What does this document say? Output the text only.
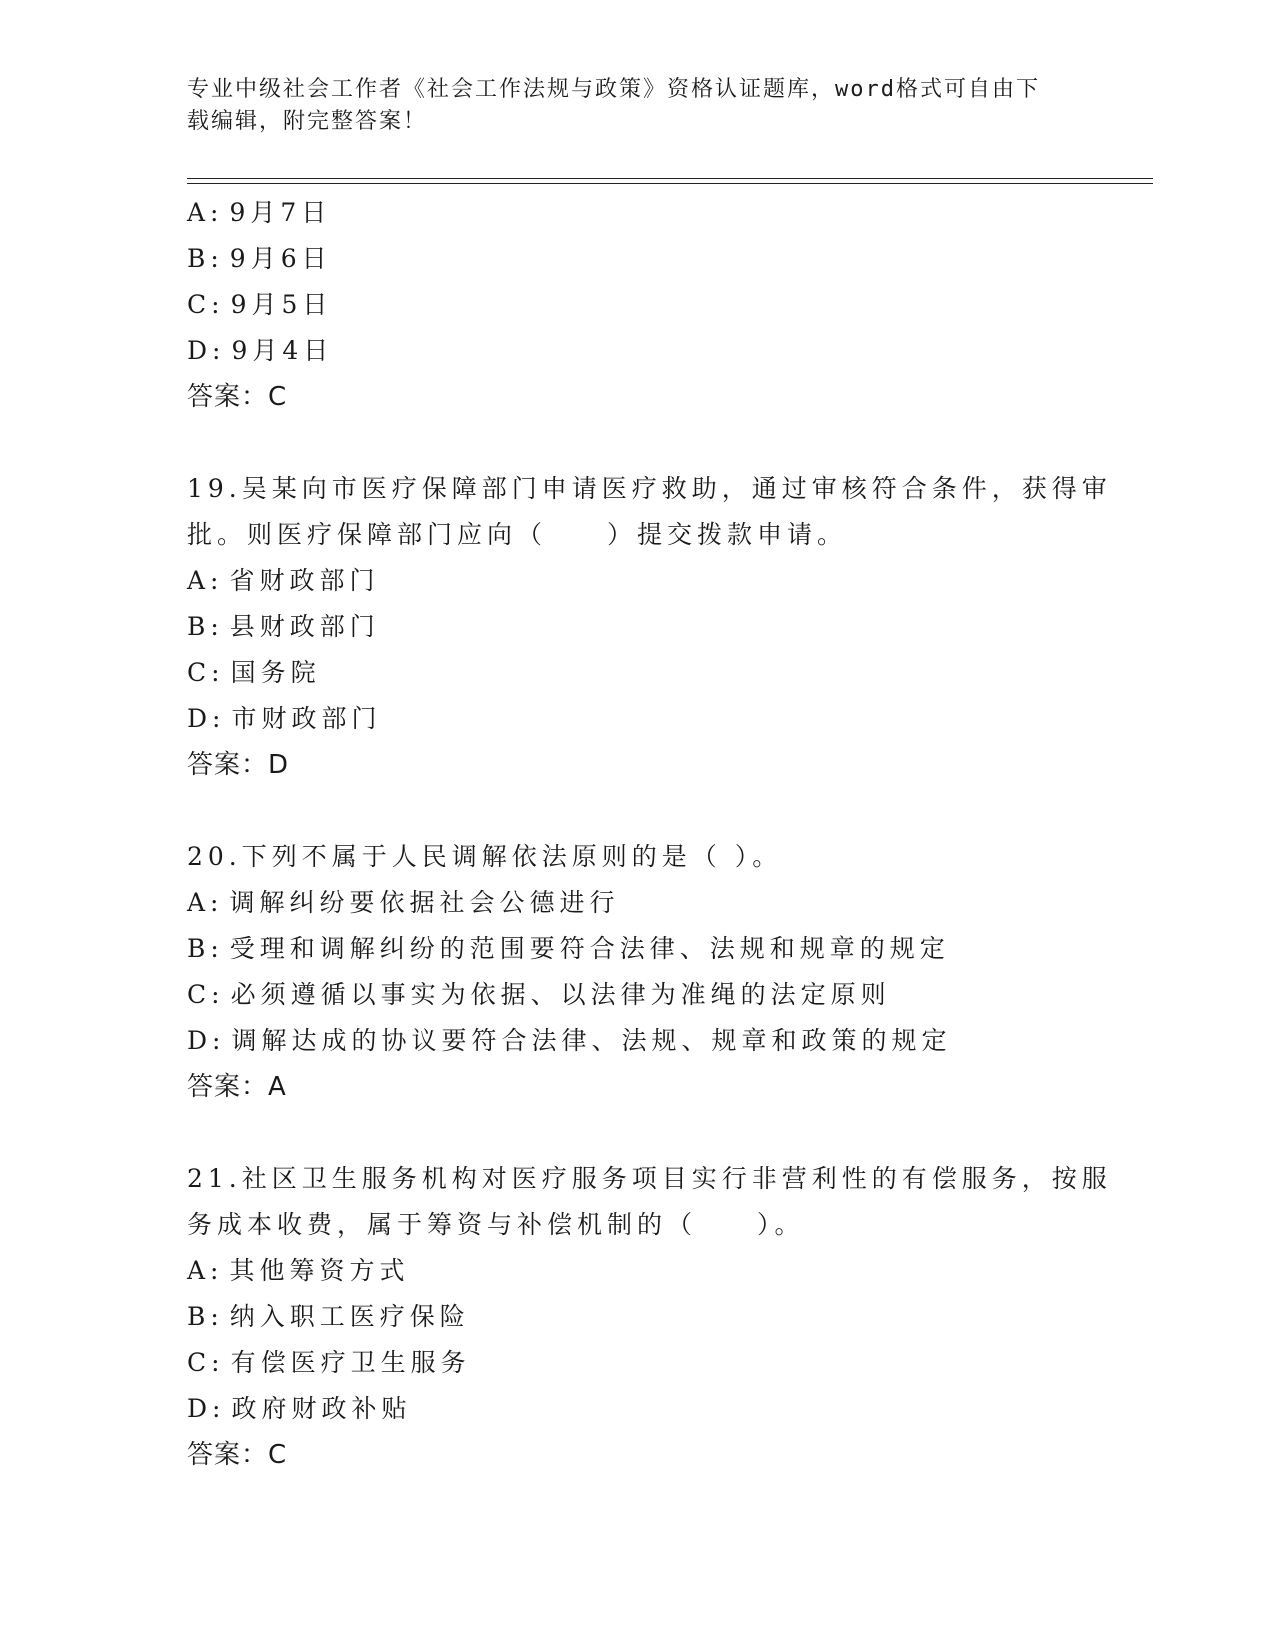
专业中级社会工作者《社会工作法规与政策》资格认证题库，word格式可自由下
载编辑，附完整答案！
A: 9月7日
B: 9月6日
C: 9月5日
D: 9月4日
答案：C
19.吴某向市医疗保障部门申请医疗救助，通过审核符合条件，获得审
批。则医疗保障部门应向（　　）提交拨款申请。
A: 省财政部门
B: 县财政部门
C: 国务院
D: 市财政部门
答案：D
20.下列不属于人民调解依法原则的是（ ）。
A: 调解纠纷要依据社会公德进行
B: 受理和调解纠纷的范围要符合法律、法规和规章的规定
C: 必须遵循以事实为依据、以法律为准绳的法定原则
D: 调解达成的协议要符合法律、法规、规章和政策的规定
答案：A
21.社区卫生服务机构对医疗服务项目实行非营利性的有偿服务，按服
务成本收费，属于筹资与补偿机制的（　　）。
A: 其他筹资方式
B: 纳入职工医疗保险
C: 有偿医疗卫生服务
D: 政府财政补贴
答案：C
